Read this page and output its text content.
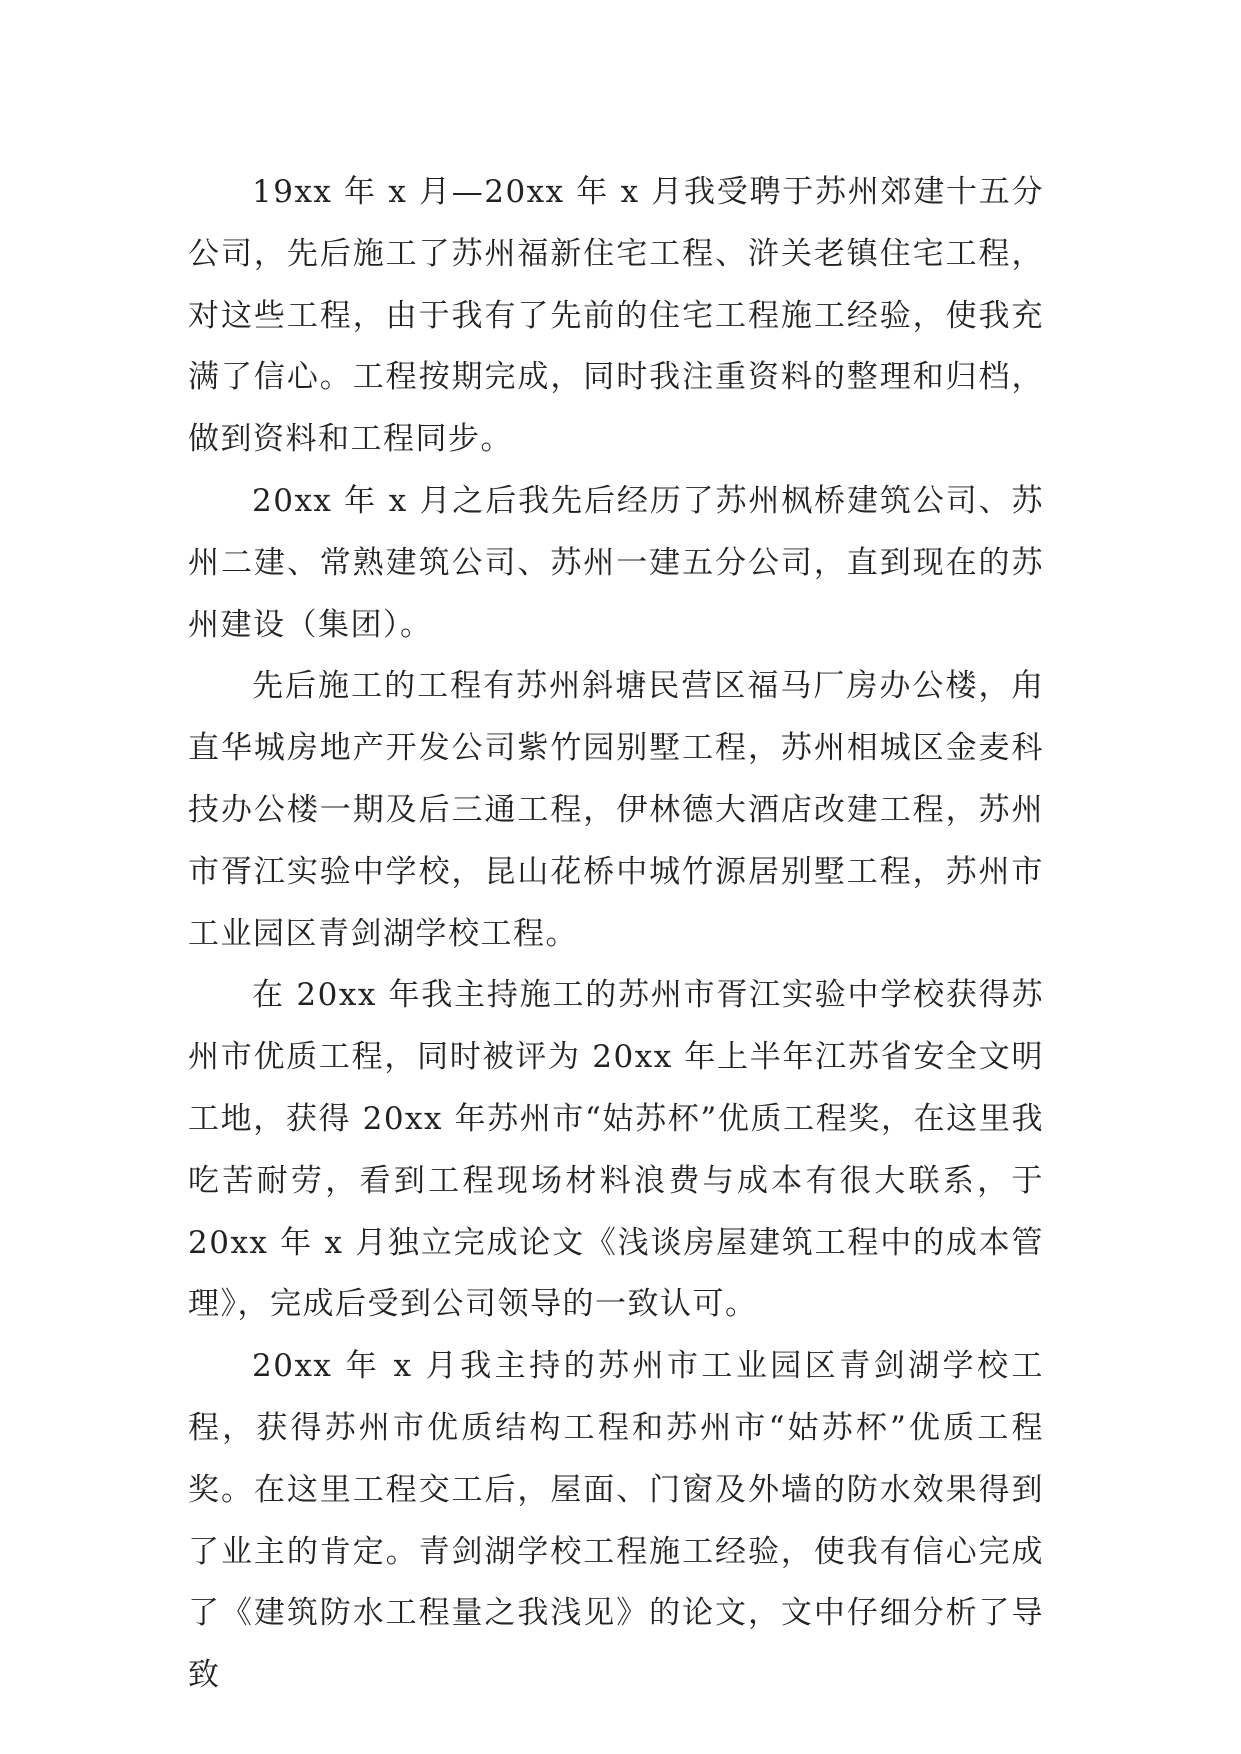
19xx 年 x 月—20xx 年 x 月我受聘于苏州郊建十五分公司，先后施工了苏州福新住宅工程、浒关老镇住宅工程，对这些工程，由于我有了先前的住宅工程施工经验，使我充满了信心。工程按期完成，同时我注重资料的整理和归档，做到资料和工程同步。

20xx 年 x 月之后我先后经历了苏州枫桥建筑公司、苏州二建、常熟建筑公司、苏州一建五分公司，直到现在的苏州建设（集团）。

先后施工的工程有苏州斜塘民营区福马厂房办公楼，甪直华城房地产开发公司紫竹园别墅工程，苏州相城区金麦科技办公楼一期及后三通工程，伊林德大酒店改建工程，苏州市胥江实验中学校，昆山花桥中城竹源居别墅工程，苏州市工业园区青剑湖学校工程。

在 20xx 年我主持施工的苏州市胥江实验中学校获得苏州市优质工程，同时被评为 20xx 年上半年江苏省安全文明工地，获得 20xx 年苏州市“姑苏杯”优质工程奖，在这里我吃苦耐劳，看到工程现场材料浪费与成本有很大联系，于20xx 年 x 月独立完成论文《浅谈房屋建筑工程中的成本管理》，完成后受到公司领导的一致认可。

20xx 年 x 月我主持的苏州市工业园区青剑湖学校工程，获得苏州市优质结构工程和苏州市“姑苏杯”优质工程奖。在这里工程交工后，屋面、门窗及外墙的防水效果得到了业主的肯定。青剑湖学校工程施工经验，使我有信心完成了《建筑防水工程量之我浅见》的论文，文中仔细分析了导致
